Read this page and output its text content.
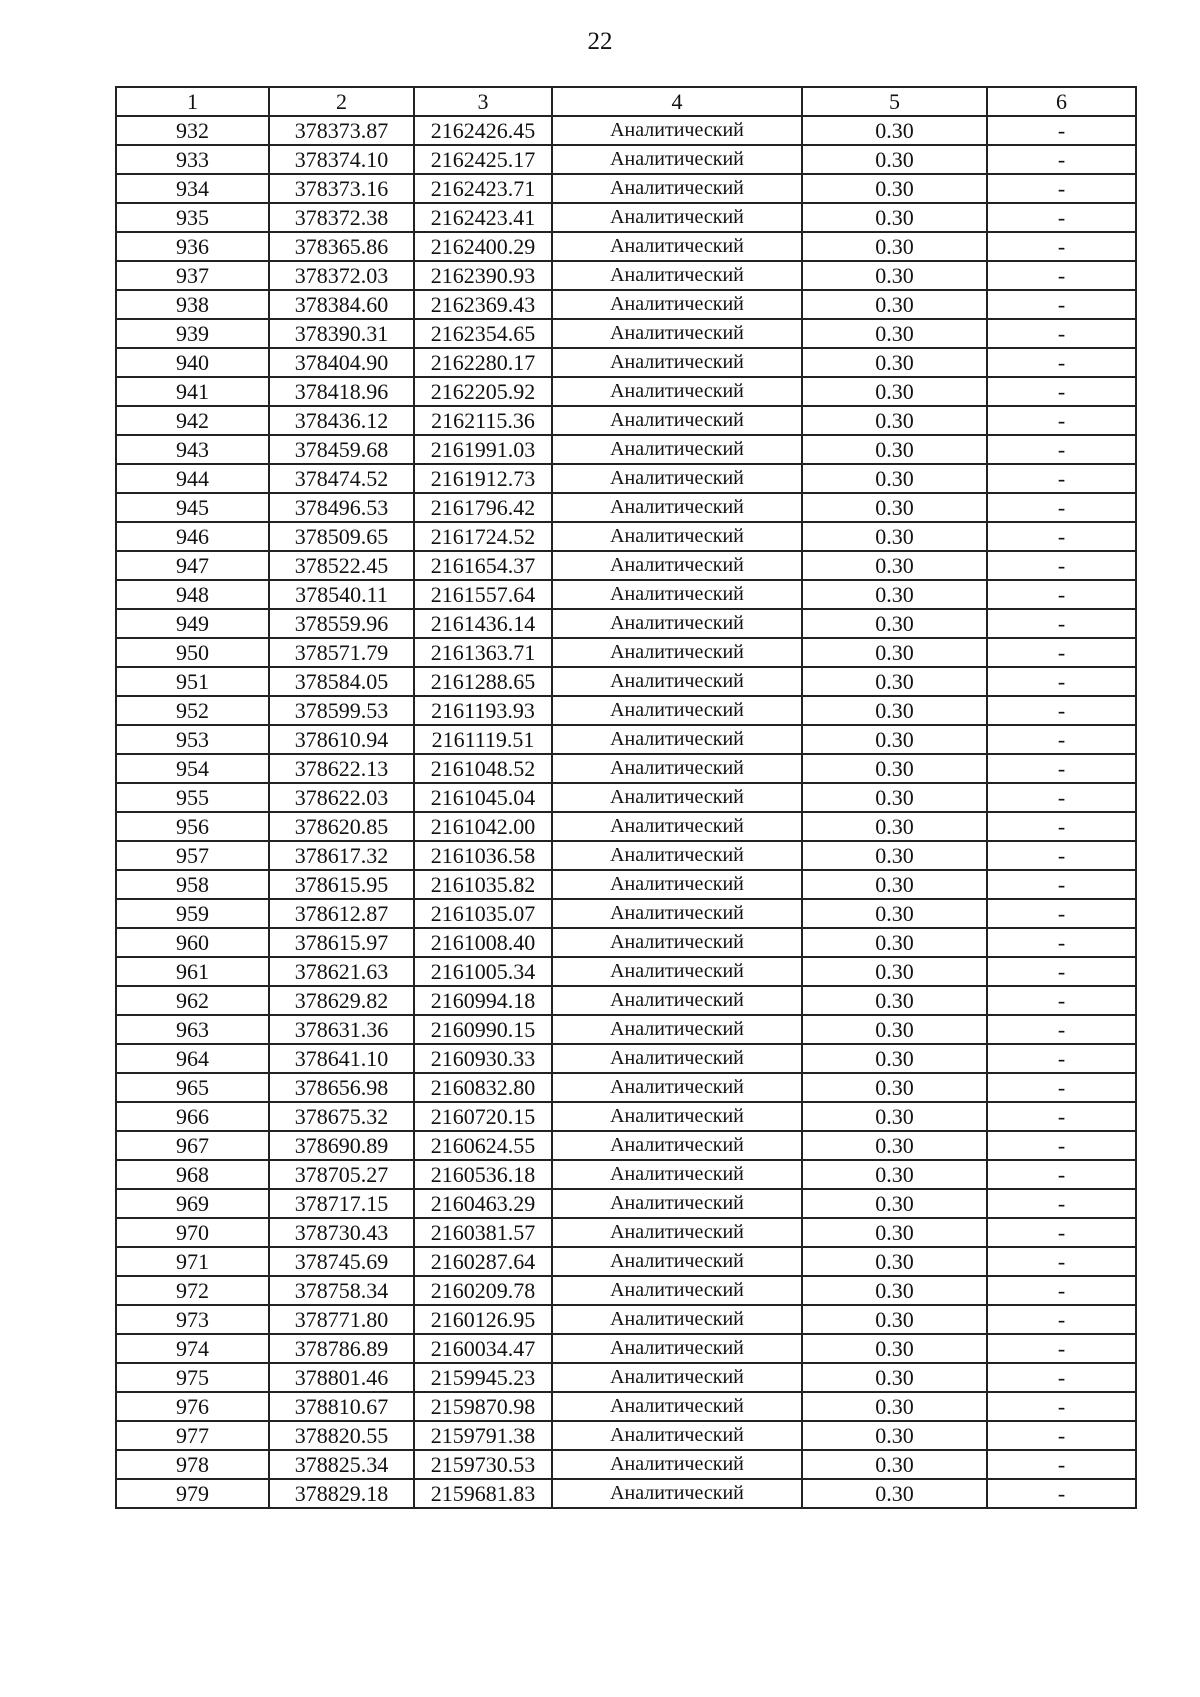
22
1	2	3	4	5	6
932	378373.87	2162426.45	Аналитический	0.30	-
933	378374.10	2162425.17	Аналитический	0.30	-
934	378373.16	2162423.71	Аналитический	0.30	-
935	378372.38	2162423.41	Аналитический	0.30	-
936	378365.86	2162400.29	Аналитический	0.30	-
937	378372.03	2162390.93	Аналитический	0.30	-
938	378384.60	2162369.43	Аналитический	0.30	-
939	378390.31	2162354.65	Аналитический	0.30	-
940	378404.90	2162280.17	Аналитический	0.30	-
941	378418.96	2162205.92	Аналитический	0.30	-
942	378436.12	2162115.36	Аналитический	0.30	-
943	378459.68	2161991.03	Аналитический	0.30	-
944	378474.52	2161912.73	Аналитический	0.30	-
945	378496.53	2161796.42	Аналитический	0.30	-
946	378509.65	2161724.52	Аналитический	0.30	-
947	378522.45	2161654.37	Аналитический	0.30	-
948	378540.11	2161557.64	Аналитический	0.30	-
949	378559.96	2161436.14	Аналитический	0.30	-
950	378571.79	2161363.71	Аналитический	0.30	-
951	378584.05	2161288.65	Аналитический	0.30	-
952	378599.53	2161193.93	Аналитический	0.30	-
953	378610.94	2161119.51	Аналитический	0.30	-
954	378622.13	2161048.52	Аналитический	0.30	-
955	378622.03	2161045.04	Аналитический	0.30	-
956	378620.85	2161042.00	Аналитический	0.30	-
957	378617.32	2161036.58	Аналитический	0.30	-
958	378615.95	2161035.82	Аналитический	0.30	-
959	378612.87	2161035.07	Аналитический	0.30	-
960	378615.97	2161008.40	Аналитический	0.30	-
961	378621.63	2161005.34	Аналитический	0.30	-
962	378629.82	2160994.18	Аналитический	0.30	-
963	378631.36	2160990.15	Аналитический	0.30	-
964	378641.10	2160930.33	Аналитический	0.30	-
965	378656.98	2160832.80	Аналитический	0.30	-
966	378675.32	2160720.15	Аналитический	0.30	-
967	378690.89	2160624.55	Аналитический	0.30	-
968	378705.27	2160536.18	Аналитический	0.30	-
969	378717.15	2160463.29	Аналитический	0.30	-
970	378730.43	2160381.57	Аналитический	0.30	-
971	378745.69	2160287.64	Аналитический	0.30	-
972	378758.34	2160209.78	Аналитический	0.30	-
973	378771.80	2160126.95	Аналитический	0.30	-
974	378786.89	2160034.47	Аналитический	0.30	-
975	378801.46	2159945.23	Аналитический	0.30	-
976	378810.67	2159870.98	Аналитический	0.30	-
977	378820.55	2159791.38	Аналитический	0.30	-
978	378825.34	2159730.53	Аналитический	0.30	-
979	378829.18	2159681.83	Аналитический	0.30	-
